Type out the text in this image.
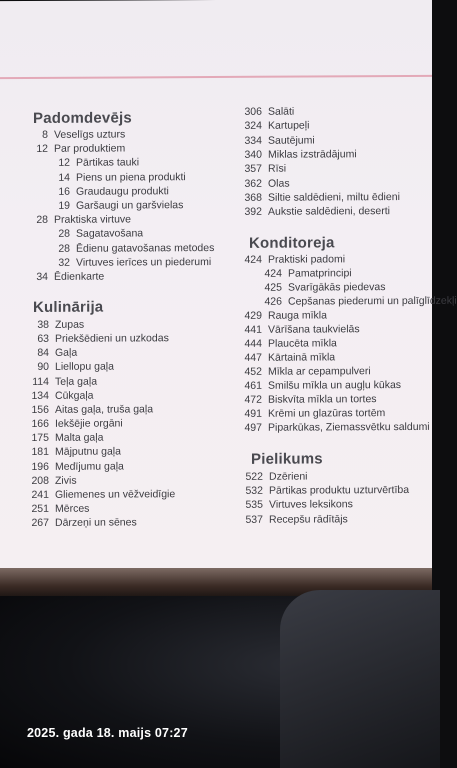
Padomdevējs
8 Veselīgs uzturs
12 Par produktiem
12 Pārtikas tauki
14 Piens un piena produkti
16 Graudaugu produkti
19 Garšaugi un garšvielas
28 Praktiska virtuve
28 Sagatavošana
28 Ēdienu gatavošanas metodes
32 Virtuves ierīces un piederumi
34 Ēdienkarte
Kulinārija
38 Zupas
63 Priekšēdieni un uzkodas
84 Gaļa
90 Liellopu gaļa
114 Teļa gaļa
134 Cūkgaļa
156 Aitas gaļa, truša gaļa
166 Iekšējie orgāni
175 Malta gaļa
181 Mājputnu gaļa
196 Medījumu gaļa
208 Zivis
241 Gliemenes un vēžveidīgie
251 Mērces
267 Dārzeņi un sēnes
306 Salāti
324 Kartupeļi
334 Sautējumi
340 Miklas izstrādājumi
357 Rīsi
362 Olas
368 Siltie saldēdieni, miltu ēdieni
392 Aukstie saldēdieni, deserti
Konditoreja
424 Praktiski padomi
424 Pamatprincipi
425 Svarīgākās piedevas
426 Cepšanas piederumi un palīglīdzekļi
429 Rauga mīkla
441 Vārīšana taukvielās
444 Plaucēta mīkla
447 Kārtainā mīkla
452 Mīkla ar cepampulveri
461 Smilšu mīkla un augļu kūkas
472 Biskvīta mīkla un tortes
491 Krēmi un glazūras tortēm
497 Piparkūkas, Ziemassvētku saldumi
Pielikums
522 Dzērieni
532 Pārtikas produktu uzturvērtība
535 Virtuves leksikons
537 Recepšu rādītājs
2025. gada 18. maijs 07:27
